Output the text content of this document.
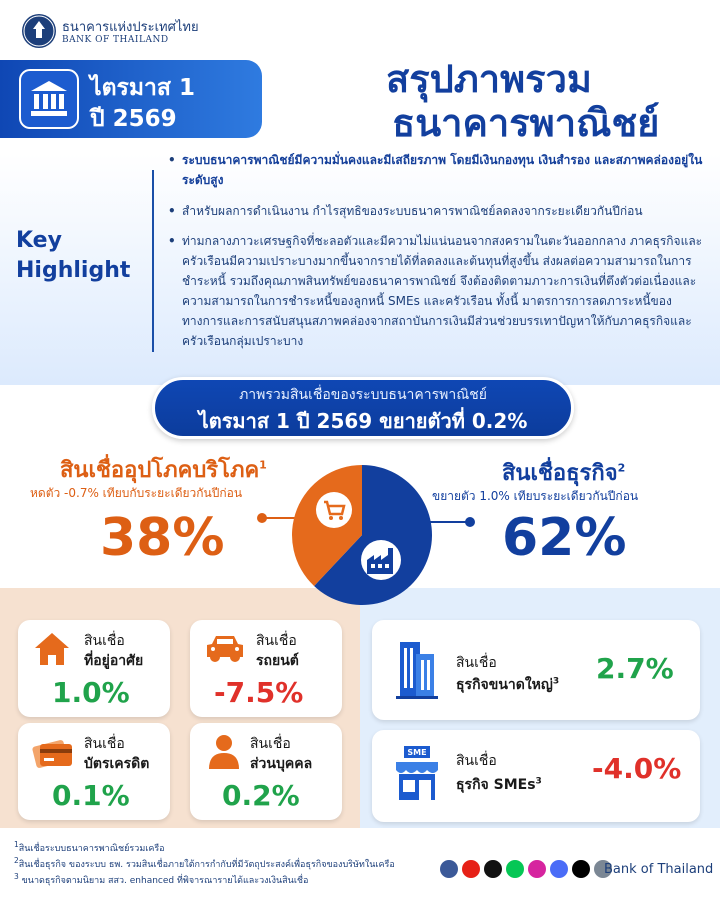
ธนาคารแห่งประเทศไทย
BANK OF THAILAND
ไตรมาส 1
ปี 2569
สรุปภาพรวม
ธนาคารพาณิชย์
Key
Highlight
• ระบบธนาคารพาณิชย์มีความมั่นคงและมีเสถียรภาพ โดยมีเงินกองทุน เงินสำรอง และสภาพคล่องอยู่ในระดับสูง
• สำหรับผลการดำเนินงาน กำไรสุทธิของระบบธนาคารพาณิชย์ลดลงจากระยะเดียวกันปีก่อน
• ท่ามกลางภาวะเศรษฐกิจที่ชะลอตัวและมีความไม่แน่นอนจากสงครามในตะวันออกกลาง ภาคธุรกิจและครัวเรือนมีความเปราะบางมากขึ้นจากรายได้ที่ลดลงและต้นทุนที่สูงขึ้น ส่งผลต่อความสามารถในการชำระหนี้ รวมถึงคุณภาพสินทรัพย์ของธนาคารพาณิชย์ จึงต้องติดตามภาวะการเงินที่ตึงตัวต่อเนื่องและความสามารถในการชำระหนี้ของลูกหนี้ SMEs และครัวเรือน ทั้งนี้ มาตรการการลดภาระหนี้ของทางการและการสนับสนุนสภาพคล่องจากสถาบันการเงินมีส่วนช่วยบรรเทาปัญหาให้กับภาคธุรกิจและครัวเรือนกลุ่มเปราะบาง
ภาพรวมสินเชื่อของระบบธนาคารพาณิชย์
ไตรมาส 1 ปี 2569 ขยายตัวที่ 0.2%
สินเชื่ออุปโภคบริโภค$^1$
หดตัว -0.7% เทียบกับระยะเดียวกันปีก่อน
38%
สินเชื่อธุรกิจ$^2$
ขยายตัว 1.0% เทียบระยะเดียวกันปีก่อน
62%
สินเชื่อ
ที่อยู่อาศัย
1.0%
สินเชื่อ
รถยนต์
-7.5%
สินเชื่อ
บัตรเครดิต
0.1%
สินเชื่อ
ส่วนบุคคล
0.2%
สินเชื่อ
ธุรกิจขนาดใหญ่$^3$ 2.7%
SME
สินเชื่อ
ธุรกิจ SMEs$^3$ -4.0%
$^1$สินเชื่อระบบธนาคารพาณิชย์รวมเครือ
$^2$สินเชื่อธุรกิจ ของระบบ ธพ. รวมสินเชื่อภายใต้การกำกับที่มีวัตถุประสงค์เพื่อธุรกิจของบริษัทในเครือ
$^3$ ขนาดธุรกิจตามนิยาม สสว. enhanced ที่พิจารณารายได้และวงเงินสินเชื่อ
Bank of Thailand
